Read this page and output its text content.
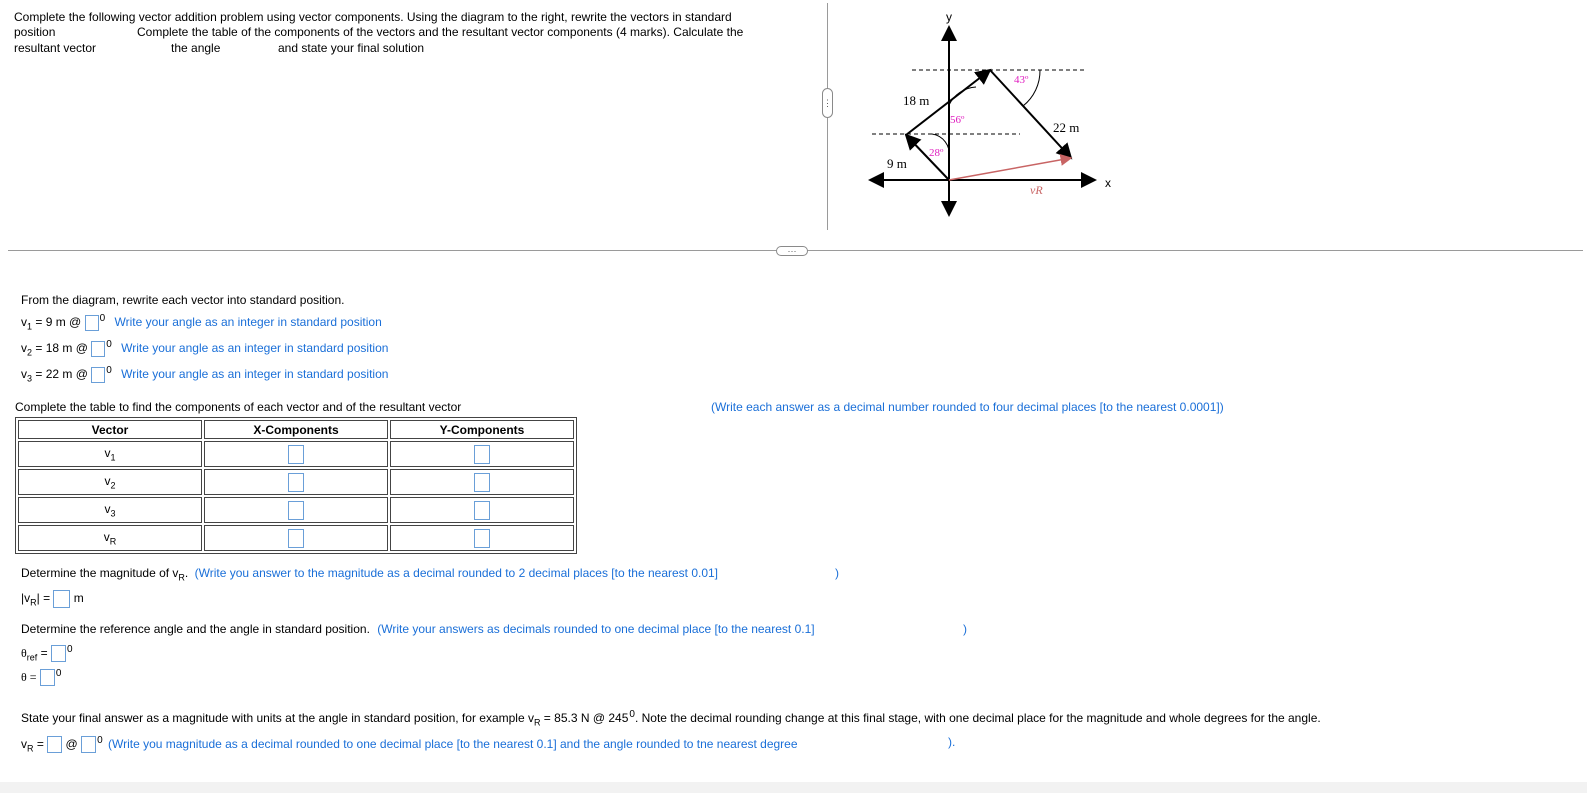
Complete the following vector addition problem using vector components. Using the diagram to the right, rewrite the vectors in standard
position	Complete the table of the components of the vectors and the resultant vector components (4 marks). Calculate the
resultant vector	the angle	and state your final solution
⋮
···
y
x
18 m
9 m
22 m
43º
56º
28º
vR
From the diagram, rewrite each vector into standard position.
$v_1 = 9$ m @ $^0$ Write your angle as an integer in standard position
$v_2 = 18$ m @ $^0$ Write your angle as an integer in standard position
$v_3 = 22$ m @ $^0$ Write your angle as an integer in standard position
Complete the table to find the components of each vector and of the resultant vector	(Write each answer as a decimal number rounded to four decimal places [to the nearest 0.0001])
Vector	X-Components	Y-Components
$v_1$		
$v_2$		
$v_3$		
$v_R$		
Determine the magnitude of $v_R$. (Write you answer to the magnitude as a decimal rounded to 2 decimal places [to the nearest 0.01]	)
$|v_R| = m$
Determine the reference angle and the angle in standard position. (Write your answers as decimals rounded to one decimal place [to the nearest 0.1]	)
$\theta_{ref} = ^0$
θ = $^0$
State your final answer as a magnitude with units at the angle in standard position, for example $v_R = 85.3$ N @ $245^0$. Note the decimal rounding change at this final stage, with one decimal place for the magnitude and whole degrees for the angle.
$v_R$ = @ $^0$ (Write you magnitude as a decimal rounded to one decimal place [to the nearest 0.1] and the angle rounded to tne nearest degree	).
